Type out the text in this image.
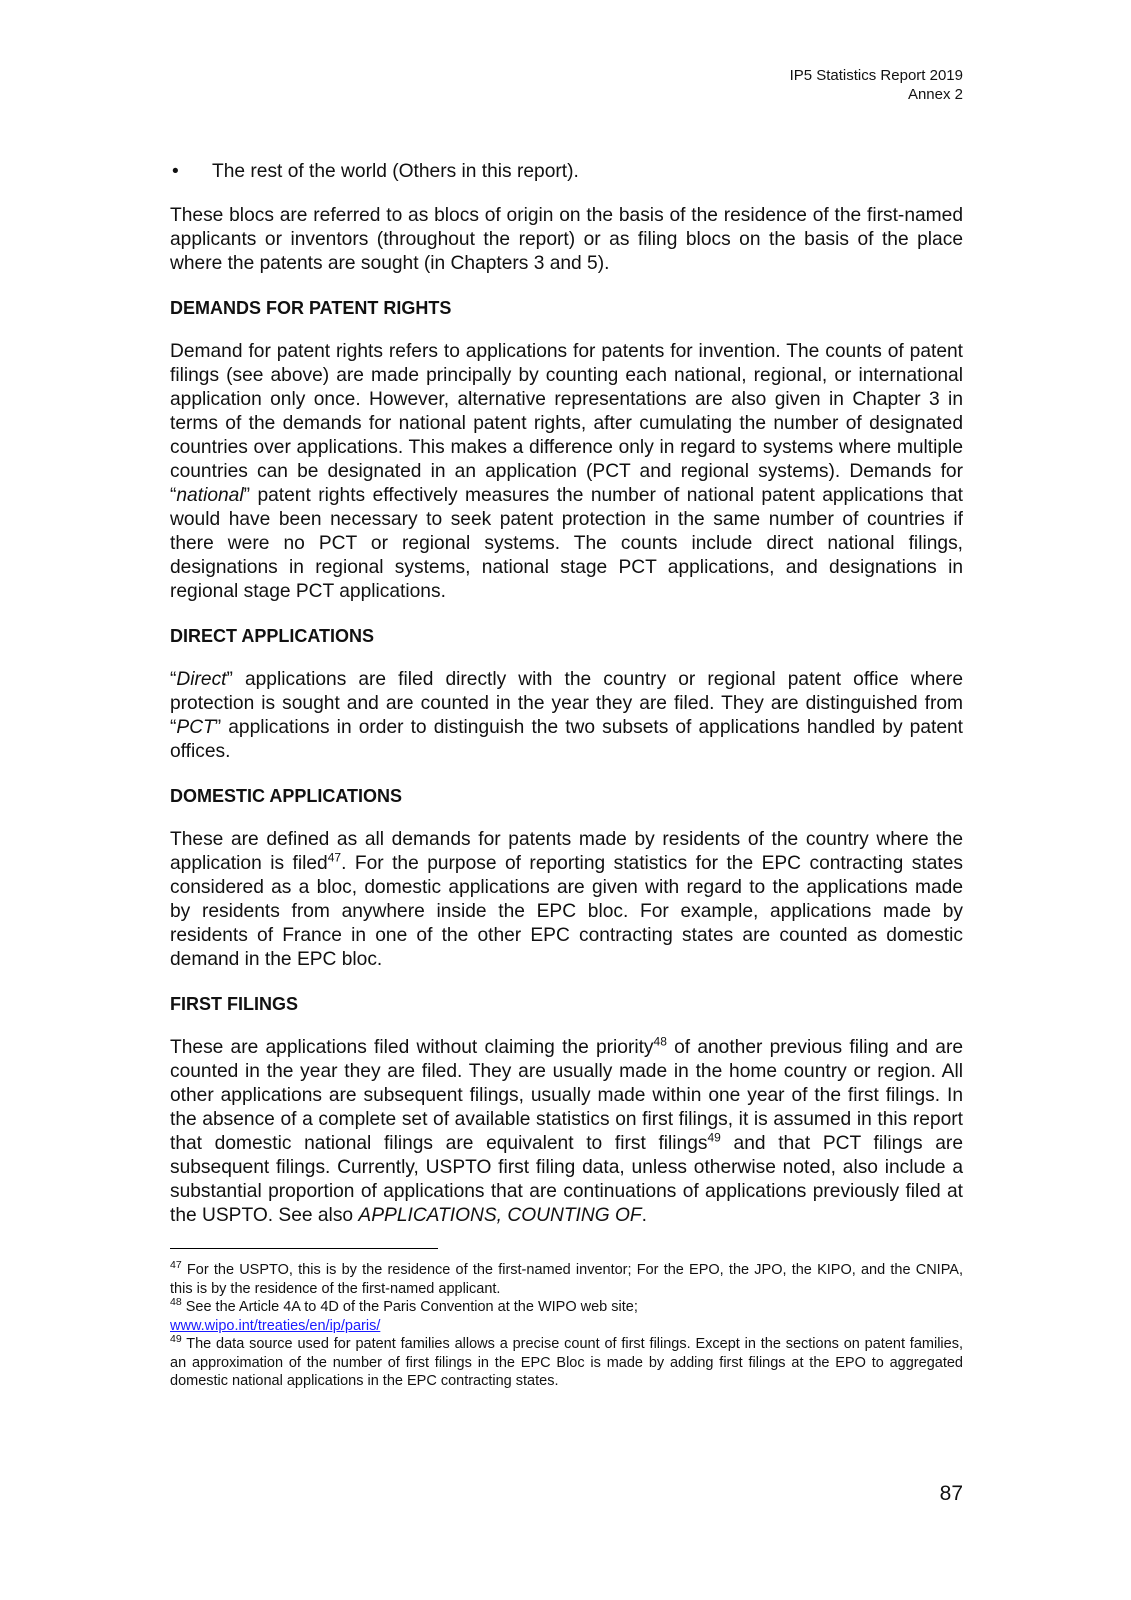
IP5 Statistics Report 2019
Annex 2
•	The rest of the world (Others in this report).

These blocs are referred to as blocs of origin on the basis of the residence of the first-named applicants or inventors (throughout the report) or as filing blocs on the basis of the place where the patents are sought (in Chapters 3 and 5).

DEMANDS FOR PATENT RIGHTS

Demand for patent rights refers to applications for patents for invention. The counts of patent filings (see above) are made principally by counting each national, regional, or international application only once. However, alternative representations are also given in Chapter 3 in terms of the demands for national patent rights, after cumulating the number of designated countries over applications. This makes a difference only in regard to systems where multiple countries can be designated in an application (PCT and regional systems). Demands for “national” patent rights effectively measures the number of national patent applications that would have been necessary to seek patent protection in the same number of countries if there were no PCT or regional systems. The counts include direct national filings, designations in regional systems, national stage PCT applications, and designations in regional stage PCT applications.

DIRECT APPLICATIONS

“Direct” applications are filed directly with the country or regional patent office where protection is sought and are counted in the year they are filed. They are distinguished from “PCT” applications in order to distinguish the two subsets of applications handled by patent offices.

DOMESTIC APPLICATIONS

These are defined as all demands for patents made by residents of the country where the application is filed$^{47}$. For the purpose of reporting statistics for the EPC contracting states considered as a bloc, domestic applications are given with regard to the applications made by residents from anywhere inside the EPC bloc. For example, applications made by residents of France in one of the other EPC contracting states are counted as domestic demand in the EPC bloc.

FIRST FILINGS

These are applications filed without claiming the priority$^{48}$ of another previous filing and are counted in the year they are filed. They are usually made in the home country or region. All other applications are subsequent filings, usually made within one year of the first filings. In the absence of a complete set of available statistics on first filings, it is assumed in this report that domestic national filings are equivalent to first filings$^{49}$ and that PCT filings are subsequent filings. Currently, USPTO first filing data, unless otherwise noted, also include a substantial proportion of applications that are continuations of applications previously filed at the USPTO. See also APPLICATIONS, COUNTING OF.

$^{47}$ For the USPTO, this is by the residence of the first-named inventor; For the EPO, the JPO, the KIPO, and the CNIPA, this is by the residence of the first-named applicant.

$^{48}$ See the Article 4A to 4D of the Paris Convention at the WIPO web site;
www.wipo.int/treaties/en/ip/paris/

$^{49}$ The data source used for patent families allows a precise count of first filings. Except in the sections on patent families, an approximation of the number of first filings in the EPC Bloc is made by adding first filings at the EPO to aggregated domestic national applications in the EPC contracting states.

87
